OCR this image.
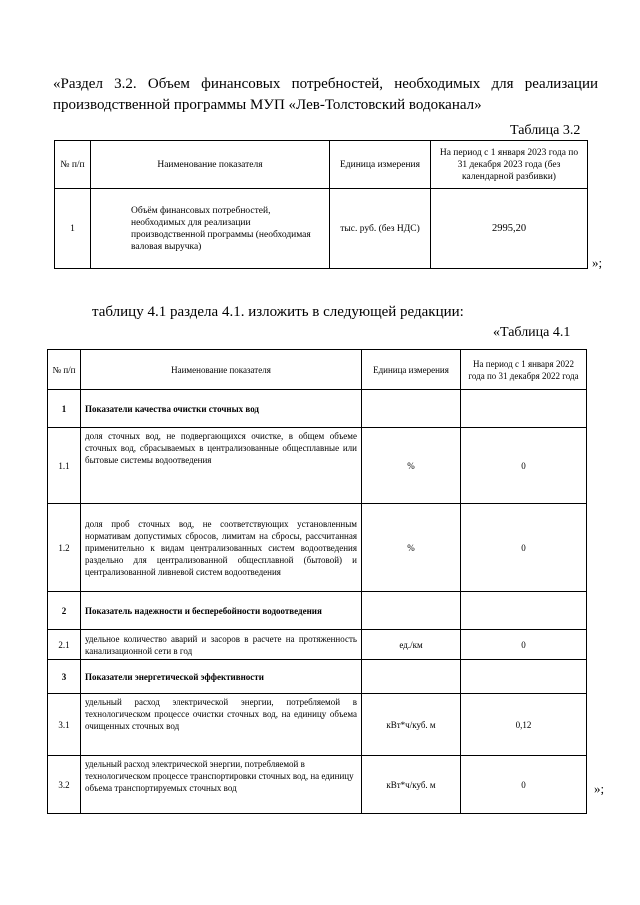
«Раздел 3.2. Объем финансовых потребностей, необходимых для реализации
производственной программы МУП «Лев-Толстовский водоканал»
Таблица 3.2
№ п/п	Наименование показателя	Единица измерения	На период с 1 января 2023 года по 31 декабря 2023 года (без календарной разбивки)
1	Объём финансовых потребностей, необходимых для реализации производственной программы (необходимая валовая выручка)	тыс. руб. (без НДС)	2995,20
»;
таблицу 4.1 раздела 4.1. изложить в следующей редакции:
«Таблица 4.1
№ п/п	Наименование показателя	Единица измерения	На период с 1 января 2022 года по 31 декабря 2022 года
1	Показатели качества очистки сточных вод		
1.1	доля сточных вод, не подвергающихся очистке, в общем объеме сточных вод, сбрасываемых в централизованные общесплавные или бытовые системы водоотведения	%	0
1.2	доля проб сточных вод, не соответствующих установленным нормативам допустимых сбросов, лимитам на сбросы, рассчитанная применительно к видам централизованных систем водоотведения раздельно для централизованной общесплавной (бытовой) и централизованной ливневой систем водоотведения	%	0
2	Показатель надежности и бесперебойности водоотведения		
2.1	удельное количество аварий и засоров в расчете на протяженность канализационной сети в год	ед./км	0
3	Показатели энергетической эффективности		
3.1	удельный расход электрической энергии, потребляемой в технологическом процессе очистки сточных вод, на единицу объема очищенных сточных вод	кВт*ч/куб. м	0,12
3.2	удельный расход электрической энергии, потребляемой в технологическом процессе транспортировки сточных вод, на единицу объема транспортируемых сточных вод	кВт*ч/куб. м	0	»;
